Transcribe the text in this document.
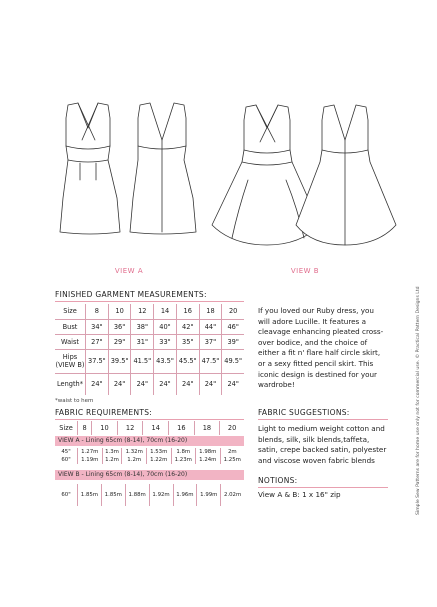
VIEW A	VIEW B
FINISHED GARMENT MEASUREMENTS:
Size	8	10	12	14	16	18	20
Bust	34"	36"	38"	40"	42"	44"	46"
Waist	27"	29"	31"	33"	35"	37"	39"
Hips (VIEW B)	37.5"	39.5"	41.5"	43.5"	45.5"	47.5"	49.5"
Length*	24"	24"	24"	24"	24"	24"	24"
*waist to hem
If you loved our Ruby dress, you will adore Lucille. It features a cleavage enhancing pleated cross-over bodice, and the choice of either a fit n' flare half circle skirt, or a sexy fitted pencil skirt. This iconic design is destined for your wardrobe!
FABRIC REQUIREMENTS:
Size	8	10	12	14	16	18	20
VIEW A - Lining 65cm (8-14), 70cm (16-20)
45"	1.27m	1.3m	1.32m	1.53m	1.8m	1.98m	2m
60"	1.19m	1.2m	1.2m	1.22m	1.23m	1.24m	1.25m
VIEW B - Lining 65cm (8-14), 70cm (16-20)
60"	1.85m	1.85m	1.88m	1.92m	1.96m	1.99m	2.02m
FABRIC SUGGESTIONS:
Light to medium weight cotton and blends, silk, silk blends,taffeta, satin, crepe backed satin, polyester and viscose woven fabric blends
NOTIONS:
View A & B: 1 x 16" zip	Simple Sew Patterns are for home use only not for commercial use. © Practical Pattern Designs Ltd
